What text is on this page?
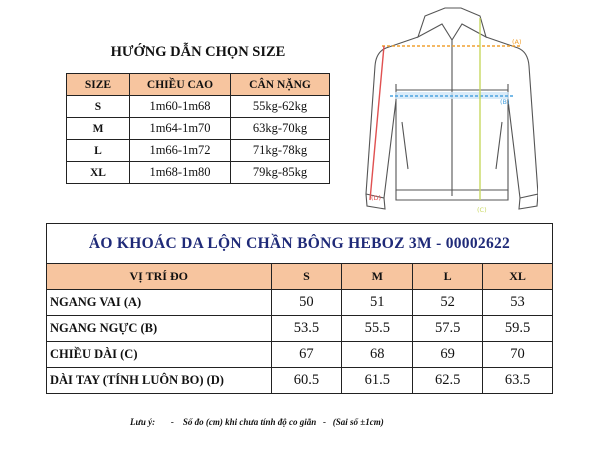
HƯỚNG DẪN CHỌN SIZE
SIZE	CHIỀU CAO	CÂN NẶNG
S	1m60-1m68	55kg-62kg
M	1m64-1m70	63kg-70kg
L	1m66-1m72	71kg-78kg
XL	1m68-1m80	79kg-85kg
(A)
(B)
(C)
(D)
ÁO KHOÁC DA LỘN CHẦN BÔNG HEBOZ 3M - 00002622				
VỊ TRÍ ĐO	S	M	L	XL
NGANG VAI (A)	50	51	52	53
NGANG NGỰC (B)	53.5	55.5	57.5	59.5
CHIỀU DÀI (C)	67	68	69	70
DÀI TAY (TÍNH LUÔN BO) (D)	60.5	61.5	62.5	63.5
Lưu ý: - Số đo (cm) khi chưa tính độ co giãn - (Sai số ±1cm)
